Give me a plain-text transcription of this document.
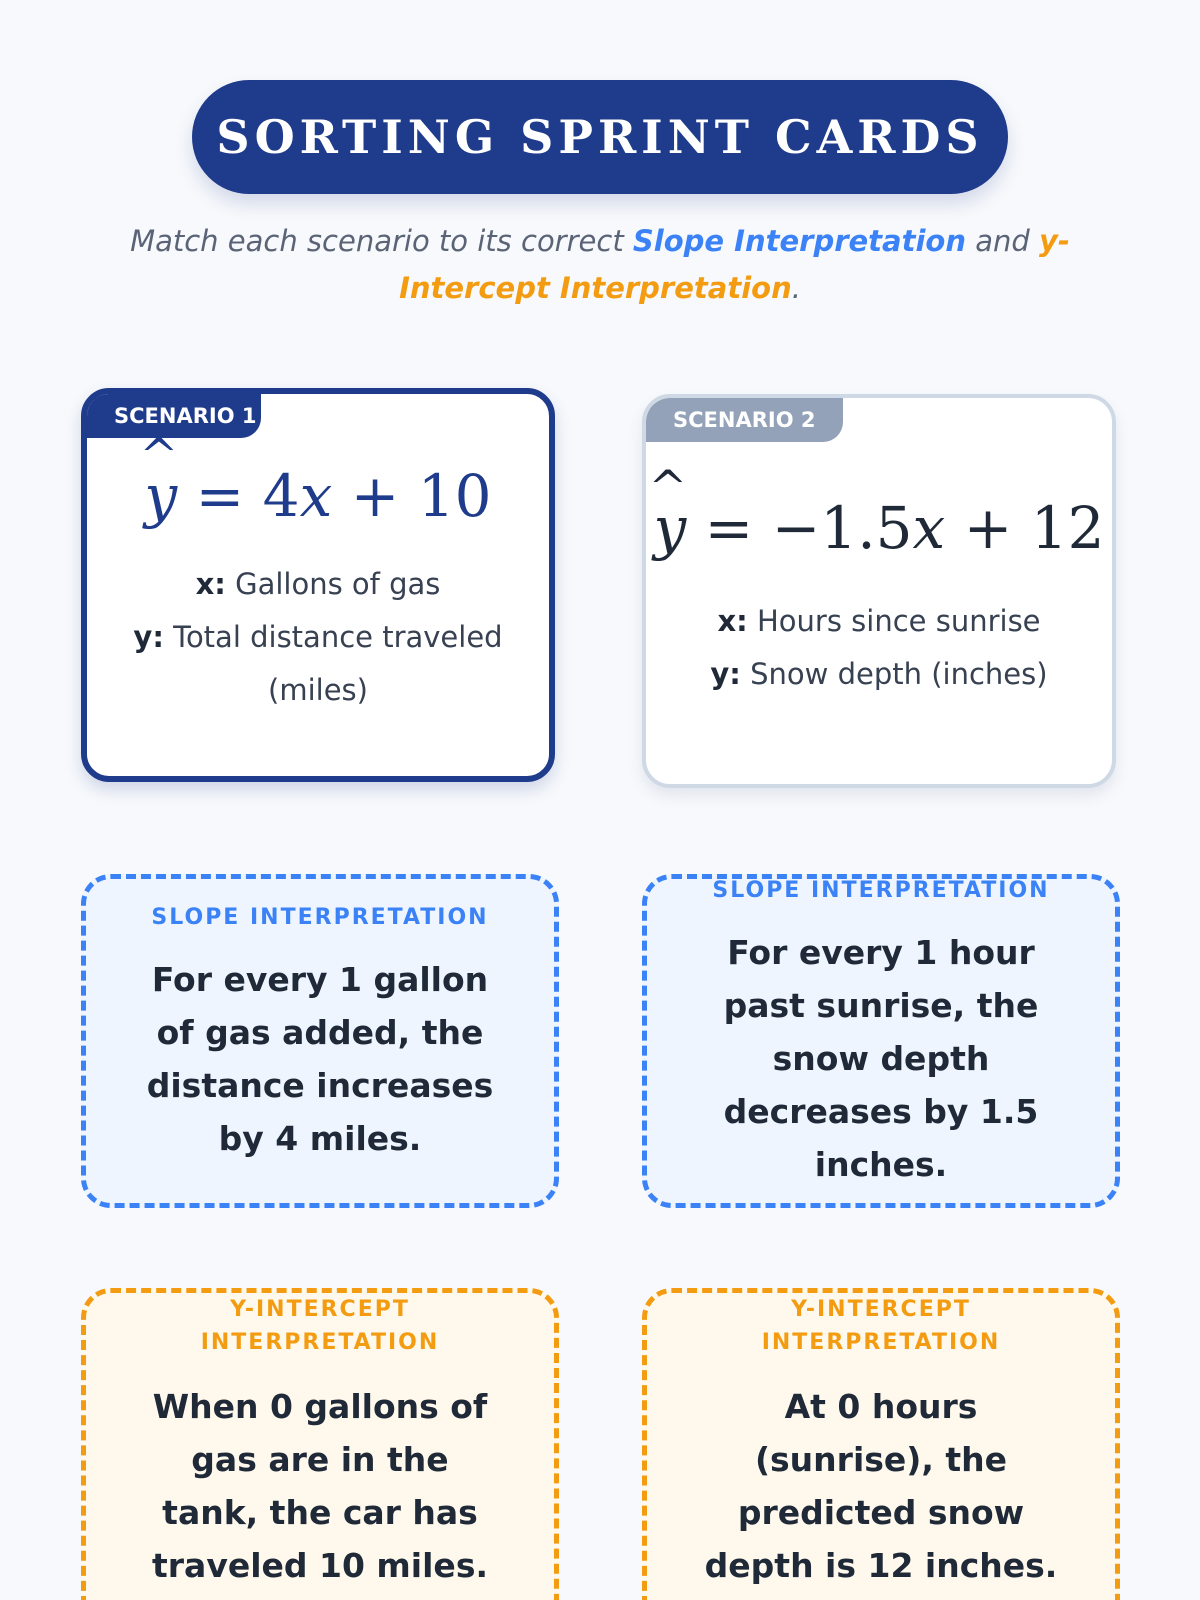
SORTING SPRINT CARDS
Match each scenario to its correct Slope Interpretation and y-Intercept Interpretation.
SCENARIO 1
^ y = 4x + 10
x: Gallons of gas
y: Total distance traveled (miles)
SCENARIO 2
^ y = −1.5x + 12
x: Hours since sunrise
y: Snow depth (inches)
SLOPE INTERPRETATION
For every 1 gallon of gas added, the distance increases by 4 miles.
SLOPE INTERPRETATION
For every 1 hour past sunrise, the snow depth decreases by 1.5 inches.
Y-INTERCEPT INTERPRETATION
When 0 gallons of gas are in the tank, the car has traveled 10 miles.
Y-INTERCEPT INTERPRETATION
At 0 hours (sunrise), the predicted snow depth is 12 inches.
